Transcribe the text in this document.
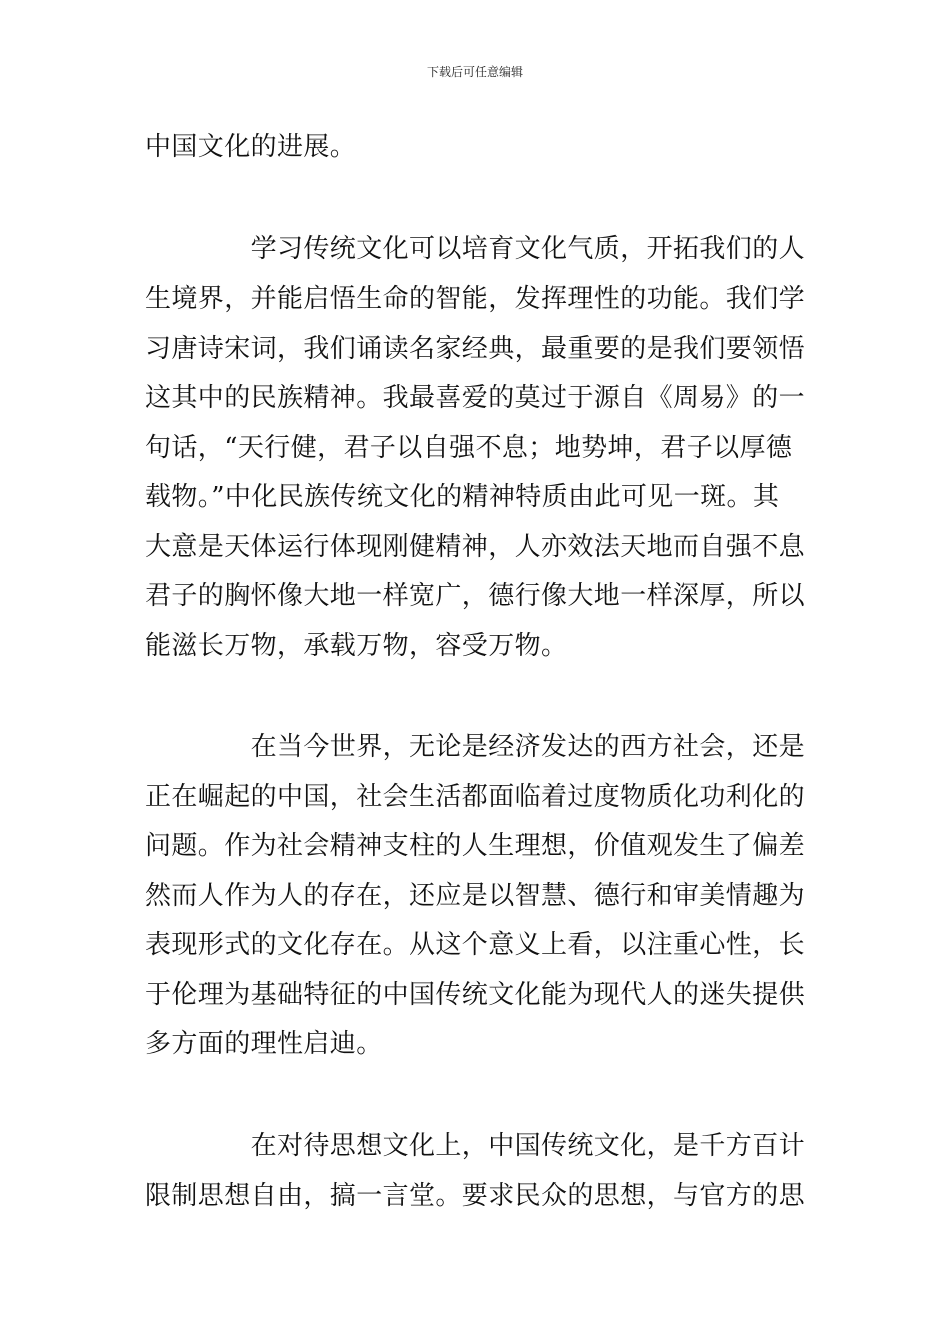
下载后可任意编辑
中国文化的进展。
　　　　学习传统文化可以培育文化气质，开拓我们的人
生境界，并能启悟生命的智能，发挥理性的功能。我们学
习唐诗宋词，我们诵读名家经典，最重要的是我们要领悟
这其中的民族精神。我最喜爱的莫过于源自《周易》的一
句话，“天行健，君子以自强不息；地势坤，君子以厚德
载物。”中化民族传统文化的精神特质由此可见一斑。其
大意是天体运行体现刚健精神，人亦效法天地而自强不息
君子的胸怀像大地一样宽广，德行像大地一样深厚，所以
能滋长万物，承载万物，容受万物。
　　　　在当今世界，无论是经济发达的西方社会，还是
正在崛起的中国，社会生活都面临着过度物质化功利化的
问题。作为社会精神支柱的人生理想，价值观发生了偏差
然而人作为人的存在，还应是以智慧、德行和审美情趣为
表现形式的文化存在。从这个意义上看，以注重心性，长
于伦理为基础特征的中国传统文化能为现代人的迷失提供
多方面的理性启迪。
　　　　在对待思想文化上，中国传统文化，是千方百计
限制思想自由，搞一言堂。要求民众的思想，与官方的思
